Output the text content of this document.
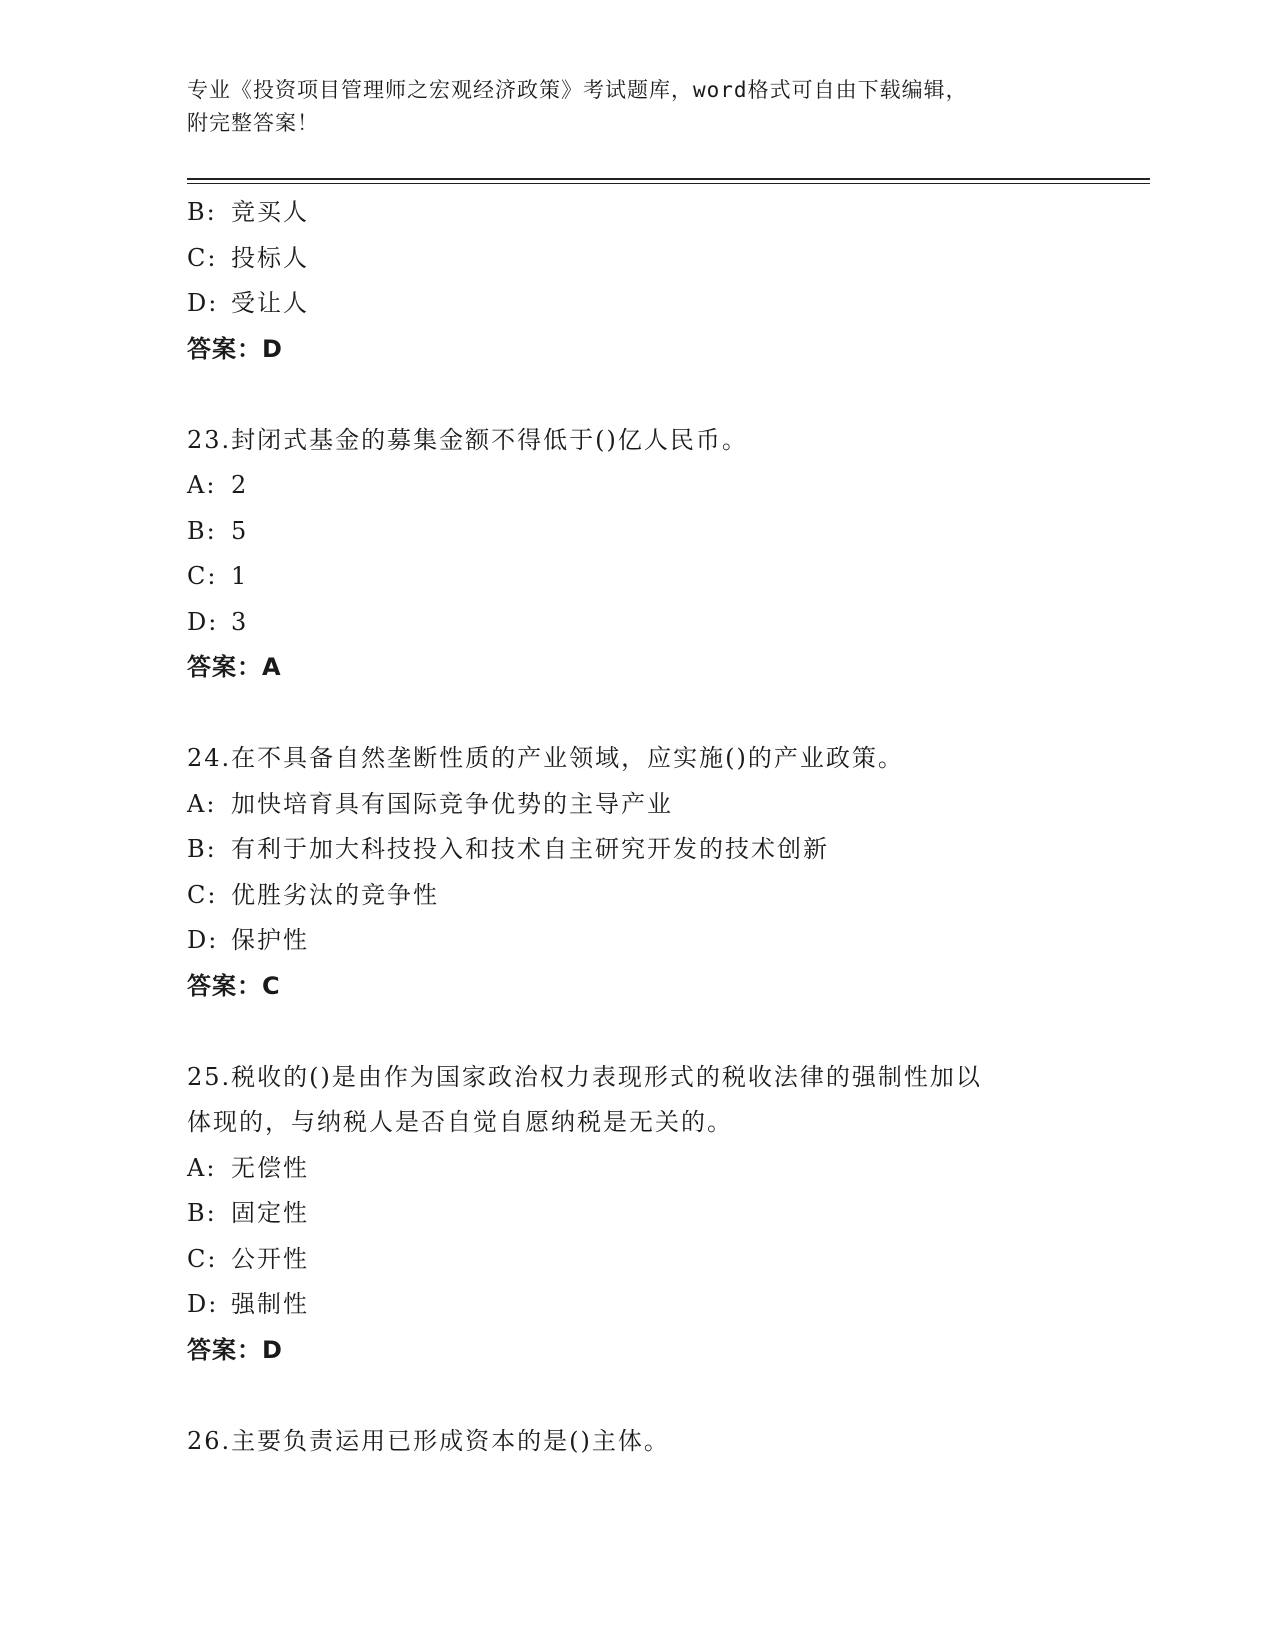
专业《投资项目管理师之宏观经济政策》考试题库，word格式可自由下载编辑，
附完整答案！
B: 竞买人
C: 投标人
D: 受让人
答案：D
23.封闭式基金的募集金额不得低于()亿人民币。
A: 2
B: 5
C: 1
D: 3
答案：A
24.在不具备自然垄断性质的产业领域，应实施()的产业政策。
A: 加快培育具有国际竞争优势的主导产业
B: 有利于加大科技投入和技术自主研究开发的技术创新
C: 优胜劣汰的竞争性
D: 保护性
答案：C
25.税收的()是由作为国家政治权力表现形式的税收法律的强制性加以
体现的，与纳税人是否自觉自愿纳税是无关的。
A: 无偿性
B: 固定性
C: 公开性
D: 强制性
答案：D
26.主要负责运用已形成资本的是()主体。
